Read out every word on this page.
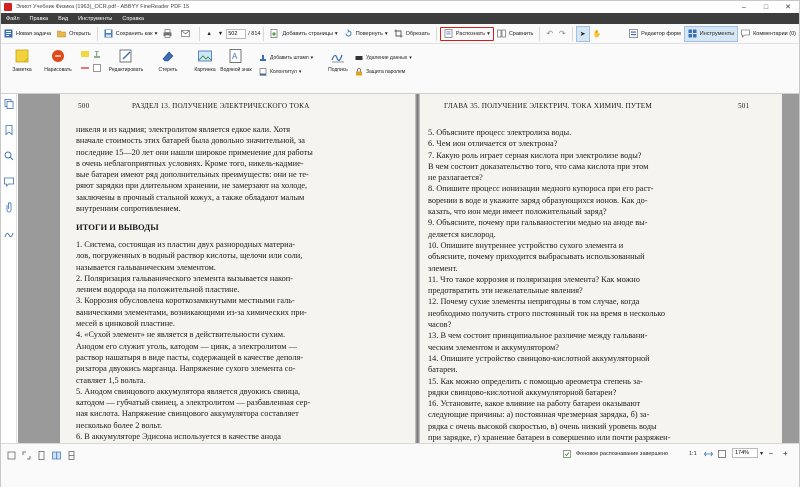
Элиот Учебник Физика (1963)_OCR.pdf - ABBYY FineReader PDF 15	–	□	✕
Файл	Правка	Вид	Инструменты	Справка
Новая задача	Открыть	Сохранить как ▾	▲ ▼
502	/ 814	Добавить страницы ▾	Повернуть ▾	Обрезать	Распознать ▾	Сравнить ↶ ↷ ➤ ✋	Редактор форм	Инструменты	Комментарии (0)
Заметка	Нарисовать
T
Редактировать	Стереть	Картинка
A
Водяной знак
Добавить штамп ▾
Колонтитул ▾	Подпись
Удаление данных ▾
Защита паролем

500	РАЗДЕЛ 13. ПОЛУЧЕНИЕ ЭЛЕКТРИЧЕСКОГО ТОКА
никеля и из кадмия; электролитом является едкое кали. Хотя
вначале стоимость этих батарей была довольно значительной, за
последние 15—20 лет они нашли широкое применение для работы
в очень неблагоприятных условиях. Кроме того, никель-кадмие-
вые батареи имеют ряд дополнительных преимуществ: они не те-
ряют зарядки при длительном хранении, не замерзают на холоде,
заключены в прочный стальной кожух, а также обладают малым
внутренним сопротивлением.
ИТОГИ И ВЫВОДЫ
1. Система, состоящая из пластин двух разнородных материа-
лов, погруженных в водный раствор кислоты, щелочи или соли,
называется гальваническим элементом.
2. Поляризация гальванического элемента вызывается накоп-
лением водорода на положительной пластине.
3. Коррозия обусловлена короткозамкнутыми местными галь-
ваническими элементами, возникающими из-за химических при-
месей в цинковой пластине.
4. «Сухой элемент» не является в действительности сухим.
Анодом его служит уголь, катодом — цинк, а электролитом —
раствор нашатыря в виде пасты, содержащей в качестве деполя-
ризатора двуокись марганца. Напряжение сухого элемента со-
ставляет 1,5 вольта.
5. Анодом свинцового аккумулятора является двуокись свинца,
катодом — губчатый свинец, а электролитом — разбавленная сер-
ная кислота. Напряжение свинцового аккумулятора составляет
несколько более 2 вольт.
6. В аккумуляторе Эдисона используется в качестве анода
ГЛАВА 35. ПОЛУЧЕНИЕ ЭЛЕКТРИЧ. ТОКА ХИМИЧ. ПУТЕМ	501
5. Объясните процесс электролиза воды.
6. Чем ион отличается от электрона?
7. Какую роль играет серная кислота при электролизе воды?
В чем состоит доказательство того, что сама кислота при этом
не разлагается?
8. Опишите процесс ионизации медного купороса при его раст-
ворении в воде и укажите заряд образующихся ионов. Как до-
казать, что ион меди имеет положительный заряд?
9. Объясните, почему при гальваностегии медью на аноде вы-
деляется кислород.
10. Опишите внутреннее устройство сухого элемента и
объясните, почему приходится выбрасывать использованный
элемент.
11. Что такое коррозия и поляризация элемента? Как можно
предотвратить эти нежелательные явления?
12. Почему сухие элементы непригодны в том случае, когда
необходимо получить строго постоянный ток на время в несколько
часов?
13. В чем состоит принципиальное различие между гальвани-
ческим элементом и аккумулятором?
14. Опишите устройство свинцово-кислотной аккумуляторной
батареи.
15. Как можно определить с помощью ареометра степень за-
рядки свинцово-кислотной аккумуляторной батареи?
16. Установите, какое влияние на работу батареи оказывают
следующие причины: а) постоянная чрезмерная зарядка, б) за-
рядка с очень высокой скоростью, в) очень низкий уровень воды
при зарядке, г) хранение батареи в совершенно или почти разряжен-
Фоновое распознавание завершено	1:1
174%	▾ – +
